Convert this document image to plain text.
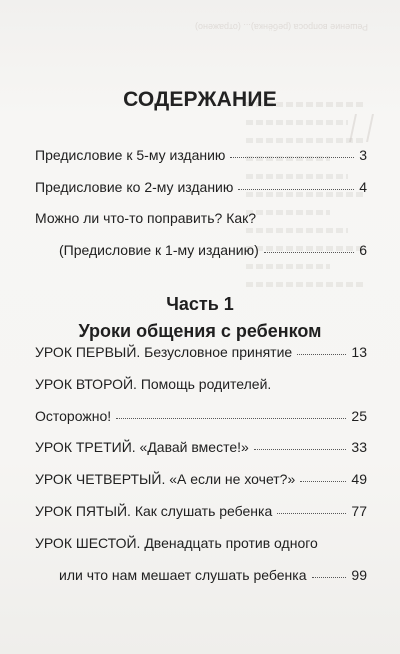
Решение вопроса (ребёнка)... (отражено)
СОДЕРЖАНИЕ
Предисловие к 5-му изданию	3
Предисловие ко 2-му изданию	4
Можно ли что-то поправить? Как?
(Предисловие к 1-му изданию)	6
УРОК ПЕРВЫЙ. Безусловное принятие	13
УРОК ВТОРОЙ. Помощь родителей.
Осторожно!	25
УРОК ТРЕТИЙ. «Давай вместе!»	33
УРОК ЧЕТВЕРТЫЙ. «А если не хочет?»	49
УРОК ПЯТЫЙ. Как слушать ребенка	77
УРОК ШЕСТОЙ. Двенадцать против одного
или что нам мешает слушать ребенка	99
Часть 1
Уроки общения с ребенком
